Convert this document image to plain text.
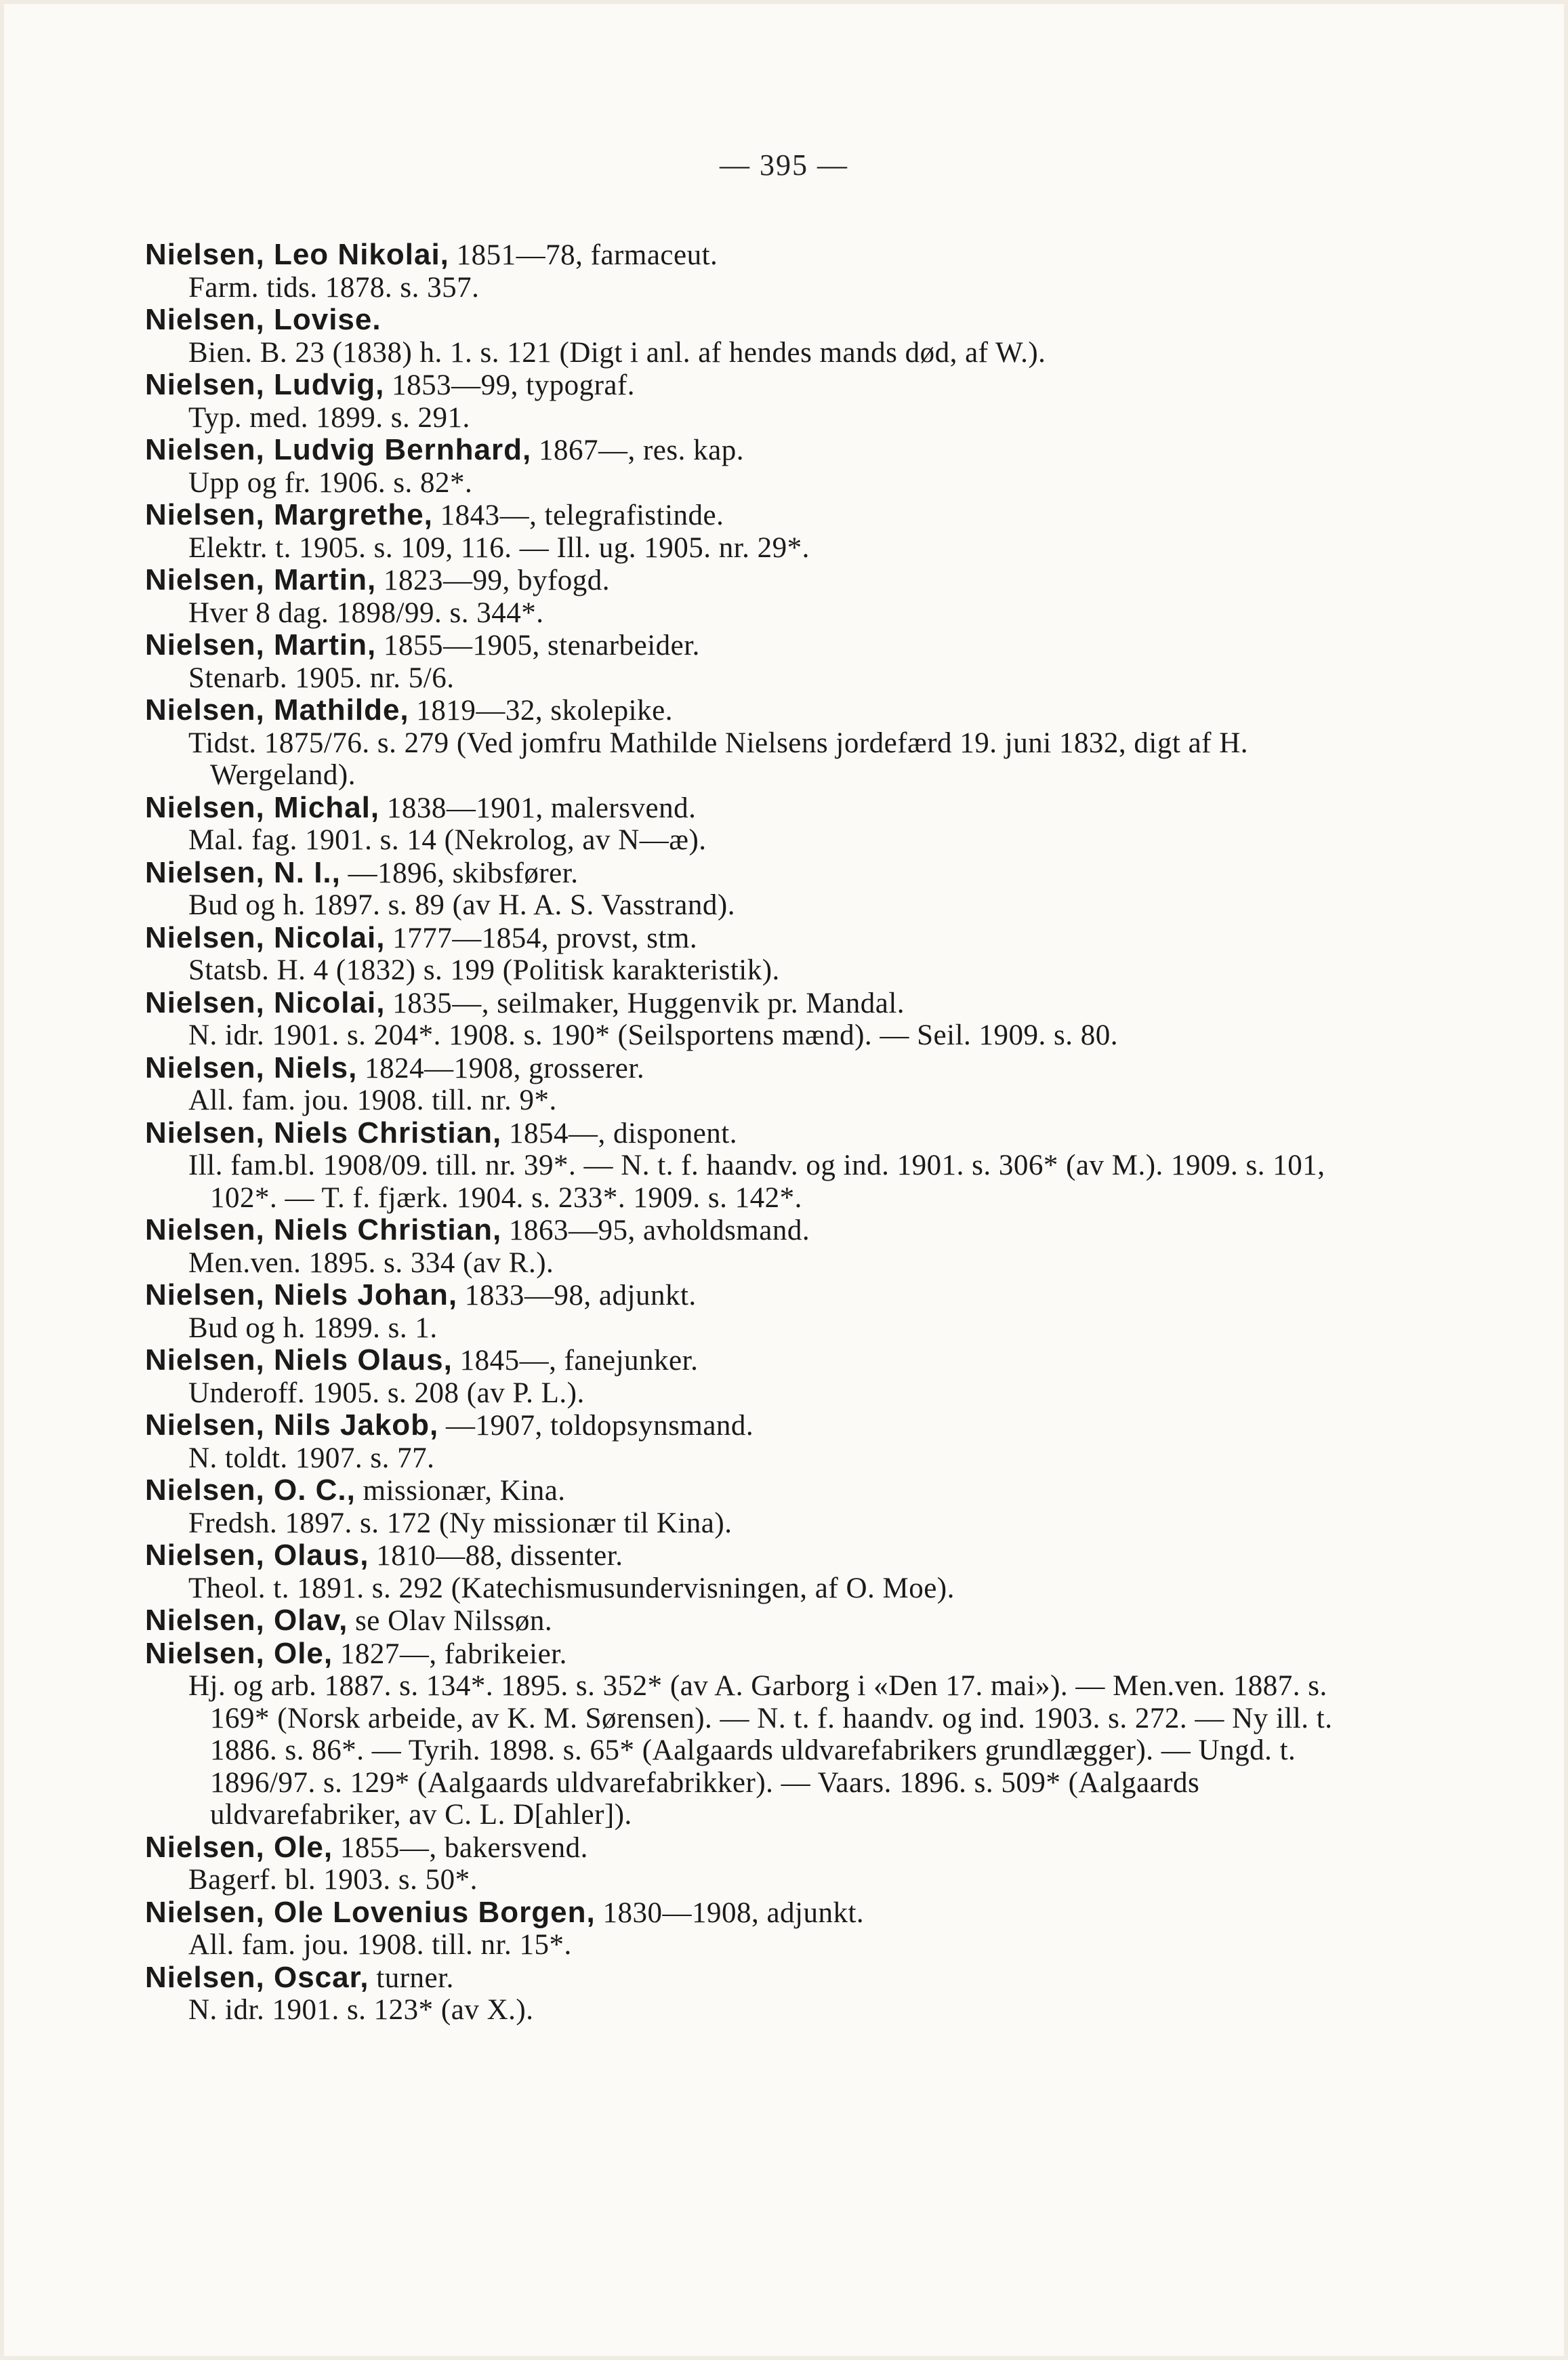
— 395 —
Nielsen, Leo Nikolai, 1851—78, farmaceut.
Farm. tids. 1878. s. 357.
Nielsen, Lovise.
Bien. B. 23 (1838) h. 1. s. 121 (Digt i anl. af hendes mands død, af W.).
Nielsen, Ludvig, 1853—99, typograf.
Typ. med. 1899. s. 291.
Nielsen, Ludvig Bernhard, 1867—, res. kap.
Upp og fr. 1906. s. 82*.
Nielsen, Margrethe, 1843—, telegrafistinde.
Elektr. t. 1905. s. 109, 116. — Ill. ug. 1905. nr. 29*.
Nielsen, Martin, 1823—99, byfogd.
Hver 8 dag. 1898/99. s. 344*.
Nielsen, Martin, 1855—1905, stenarbeider.
Stenarb. 1905. nr. 5/6.
Nielsen, Mathilde, 1819—32, skolepike.
Tidst. 1875/76. s. 279 (Ved jomfru Mathilde Nielsens jordefærd 19. juni 1832, digt af H. Wergeland).
Nielsen, Michal, 1838—1901, malersvend.
Mal. fag. 1901. s. 14 (Nekrolog, av N—æ).
Nielsen, N. I., —1896, skibsfører.
Bud og h. 1897. s. 89 (av H. A. S. Vasstrand).
Nielsen, Nicolai, 1777—1854, provst, stm.
Statsb. H. 4 (1832) s. 199 (Politisk karakteristik).
Nielsen, Nicolai, 1835—, seilmaker, Huggenvik pr. Mandal.
N. idr. 1901. s. 204*. 1908. s. 190* (Seilsportens mænd). — Seil. 1909. s. 80.
Nielsen, Niels, 1824—1908, grosserer.
All. fam. jou. 1908. till. nr. 9*.
Nielsen, Niels Christian, 1854—, disponent.
Ill. fam.bl. 1908/09. till. nr. 39*. — N. t. f. haandv. og ind. 1901. s. 306* (av M.). 1909. s. 101, 102*. — T. f. fjærk. 1904. s. 233*. 1909. s. 142*.
Nielsen, Niels Christian, 1863—95, avholdsmand.
Men.ven. 1895. s. 334 (av R.).
Nielsen, Niels Johan, 1833—98, adjunkt.
Bud og h. 1899. s. 1.
Nielsen, Niels Olaus, 1845—, fanejunker.
Underoff. 1905. s. 208 (av P. L.).
Nielsen, Nils Jakob, —1907, toldopsynsmand.
N. toldt. 1907. s. 77.
Nielsen, O. C., missionær, Kina.
Fredsh. 1897. s. 172 (Ny missionær til Kina).
Nielsen, Olaus, 1810—88, dissenter.
Theol. t. 1891. s. 292 (Katechismusundervisningen, af O. Moe).
Nielsen, Olav, se Olav Nilssøn.
Nielsen, Ole, 1827—, fabrikeier.
Hj. og arb. 1887. s. 134*. 1895. s. 352* (av A. Garborg i «Den 17. mai»). — Men.ven. 1887. s. 169* (Norsk arbeide, av K. M. Sørensen). — N. t. f. haandv. og ind. 1903. s. 272. — Ny ill. t. 1886. s. 86*. — Tyrih. 1898. s. 65* (Aalgaards uldvarefabrikers grundlægger). — Ungd. t. 1896/97. s. 129* (Aalgaards uldvarefabrikker). — Vaars. 1896. s. 509* (Aalgaards uldvarefabriker, av C. L. D[ahler]).
Nielsen, Ole, 1855—, bakersvend.
Bagerf. bl. 1903. s. 50*.
Nielsen, Ole Lovenius Borgen, 1830—1908, adjunkt.
All. fam. jou. 1908. till. nr. 15*.
Nielsen, Oscar, turner.
N. idr. 1901. s. 123* (av X.).
